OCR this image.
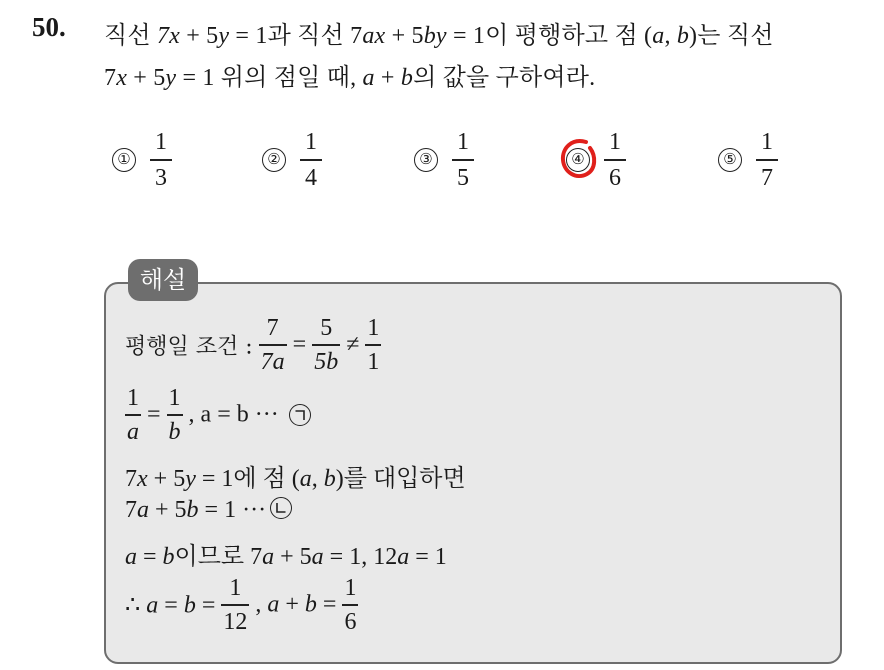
50. 직선 7x + 5y = 1과 직선 7ax + 5by = 1이 평행하고 점 (a, b)는 직선
7x + 5y = 1 위의 점일 때, a + b의 값을 구하여라.
①
1
3
②
1
4
③
1
5
④
1
6
⑤
1
7
해설
평행일 조건 : $\frac{7}{7a} = \frac{5}{5b} \ne \frac{1}{1}$
$\frac{1}{a} = \frac{1}{b}$ , a = b ···
7x + 5y = 1에 점 (a, b)를 대입하면
7a + 5b = 1 ···
a = b이므로 7a + 5a = 1, 12a = 1
∴ $a = b = \frac{1}{12}$ , $a + b = \frac{1}{6}$
